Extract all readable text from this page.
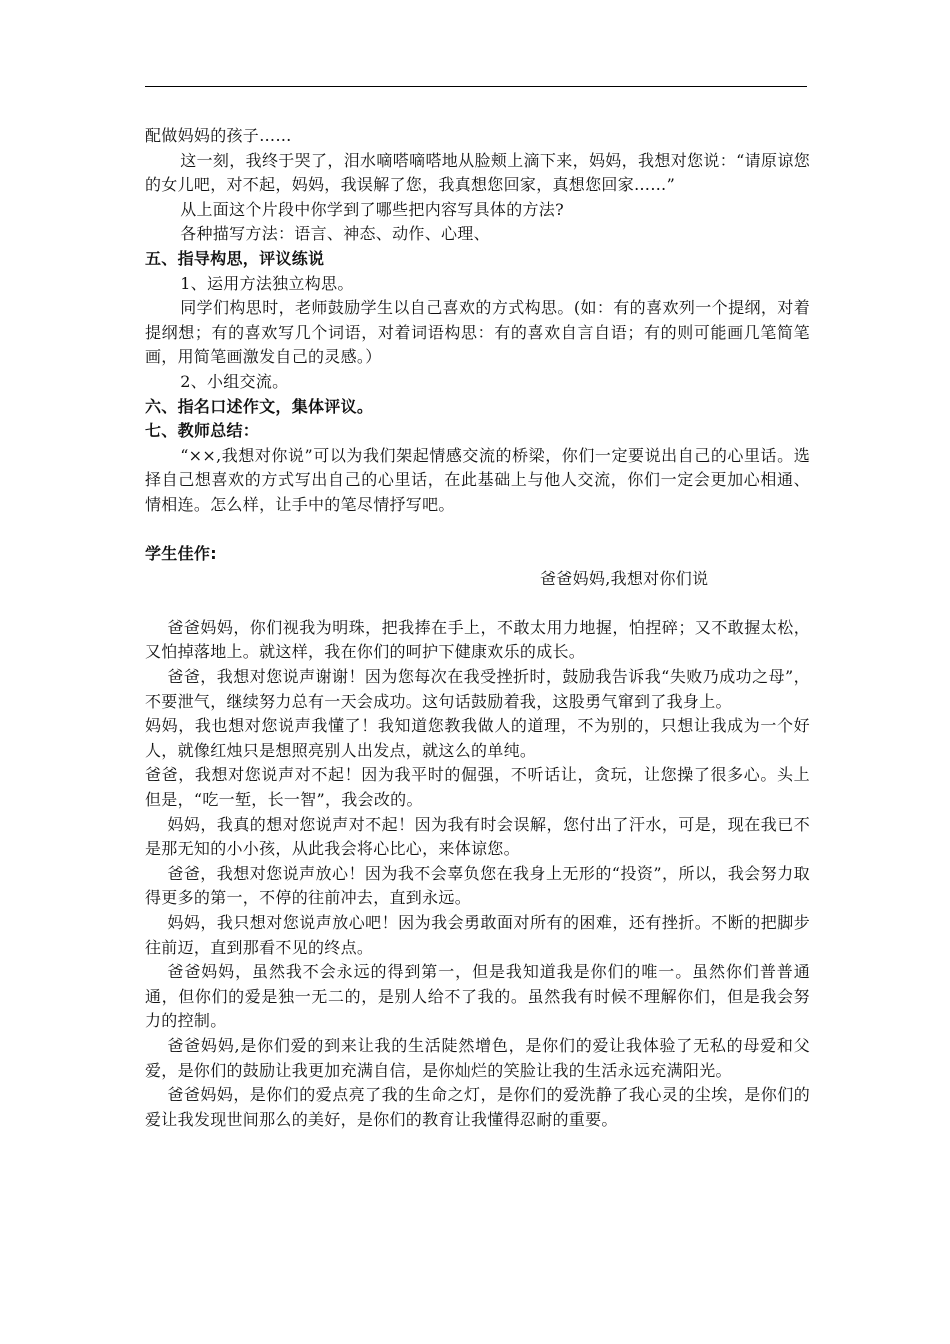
配做妈妈的孩子……

这一刻，我终于哭了，泪水嘀嗒嘀嗒地从脸颊上滴下来，妈妈，我想对您说：“请原谅您的女儿吧，对不起，妈妈，我误解了您，我真想您回家，真想您回家……”

从上面这个片段中你学到了哪些把内容写具体的方法?

各种描写方法：语言、神态、动作、心理、

五、指导构思，评议练说

1、运用方法独立构思。

同学们构思时，老师鼓励学生以自己喜欢的方式构思。(如：有的喜欢列一个提纲，对着提纲想；有的喜欢写几个词语，对着词语构思：有的喜欢自言自语；有的则可能画几笔简笔画，用简笔画激发自己的灵感。）

2、小组交流。

六、指名口述作文，集体评议。

七、教师总结：

“××,我想对你说”可以为我们架起情感交流的桥梁，你们一定要说出自己的心里话。选择自己想喜欢的方式写出自己的心里话，在此基础上与他人交流，你们一定会更加心相通、情相连。怎么样，让手中的笔尽情抒写吧。

学生佳作:

爸爸妈妈,我想对你们说

爸爸妈妈，你们视我为明珠，把我捧在手上，不敢太用力地握，怕捏碎；又不敢握太松，又怕掉落地上。就这样，我在你们的呵护下健康欢乐的成长。

爸爸，我想对您说声谢谢！因为您每次在我受挫折时，鼓励我告诉我“失败乃成功之母”，不要泄气，继续努力总有一天会成功。这句话鼓励着我，这股勇气窜到了我身上。

妈妈，我也想对您说声我懂了！我知道您教我做人的道理，不为别的，只想让我成为一个好人，就像红烛只是想照亮别人出发点，就这么的单纯。

爸爸，我想对您说声对不起！因为我平时的倔强，不听话让，贪玩，让您操了很多心。头上但是，“吃一堑，长一智”，我会改的。

妈妈，我真的想对您说声对不起！因为我有时会误解，您付出了汗水，可是，现在我已不是那无知的小小孩，从此我会将心比心，来体谅您。

爸爸，我想对您说声放心！因为我不会辜负您在我身上无形的“投资”，所以，我会努力取得更多的第一，不停的往前冲去，直到永远。

妈妈，我只想对您说声放心吧！因为我会勇敢面对所有的困难，还有挫折。不断的把脚步往前迈，直到那看不见的终点。

爸爸妈妈，虽然我不会永远的得到第一，但是我知道我是你们的唯一。虽然你们普普通通，但你们的爱是独一无二的，是别人给不了我的。虽然我有时候不理解你们，但是我会努力的控制。

爸爸妈妈,是你们爱的到来让我的生活陡然增色，是你们的爱让我体验了无私的母爱和父爱，是你们的鼓励让我更加充满自信，是你灿烂的笑脸让我的生活永远充满阳光。

爸爸妈妈，是你们的爱点亮了我的生命之灯，是你们的爱洗静了我心灵的尘埃，是你们的爱让我发现世间那么的美好，是你们的教育让我懂得忍耐的重要。
